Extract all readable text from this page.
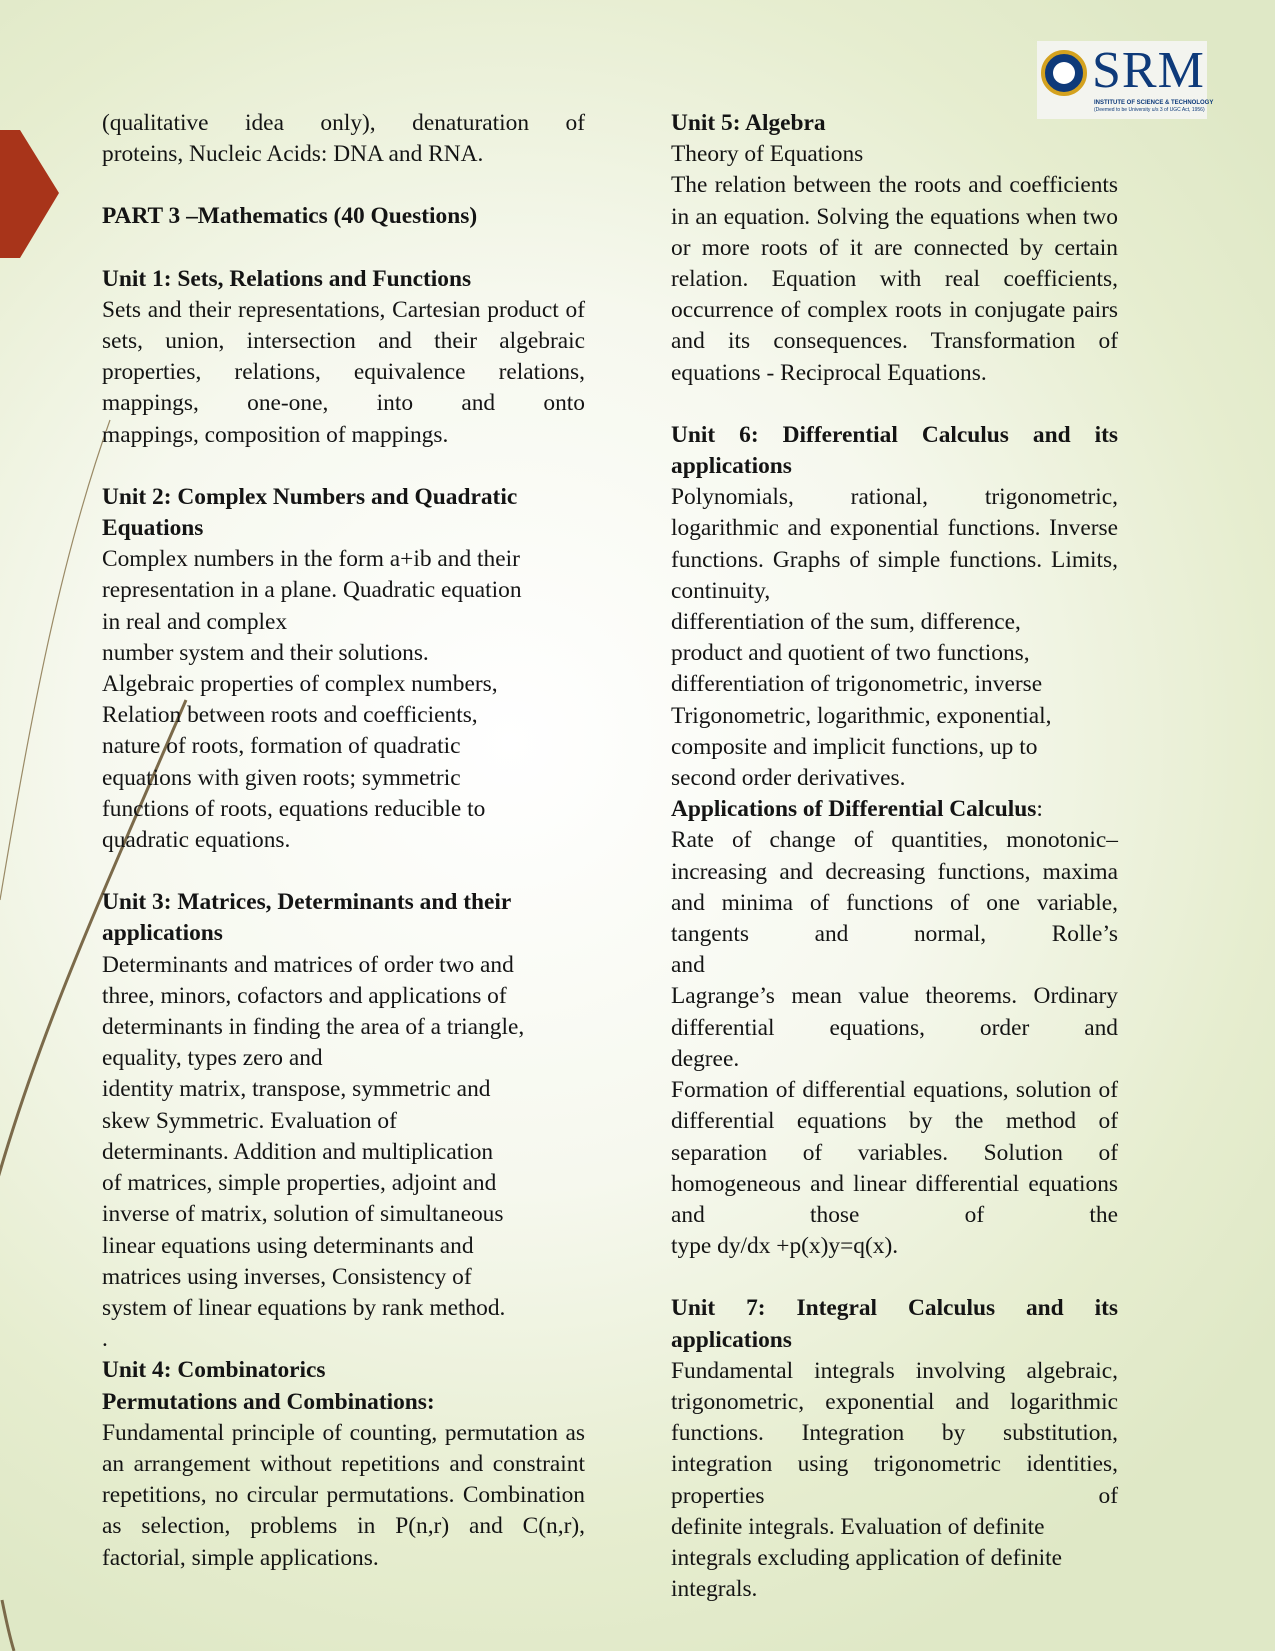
SRM
INSTITUTE OF SCIENCE & TECHNOLOGY
(Deemed to be University u/s 3 of UGC Act, 1956)
(qualitative idea only), denaturation of
proteins, Nucleic Acids: DNA and RNA.
PART 3 –Mathematics (40 Questions)
Unit 1: Sets, Relations and Functions
Sets and their representations, Cartesian product of sets, union, intersection and their algebraic properties, relations, equivalence relations, mappings, one-one, into and onto
mappings, composition of mappings.
Unit 2: Complex Numbers and Quadratic Equations
Complex numbers in the form a+ib and their
representation in a plane. Quadratic equation
in real and complex
number system and their solutions.
Algebraic properties of complex numbers,
Relation between roots and coefficients,
nature of roots, formation of quadratic
equations with given roots; symmetric
functions of roots, equations reducible to
quadratic equations.
Unit 3: Matrices, Determinants and their applications
Determinants and matrices of order two and
three, minors, cofactors and applications of
determinants in finding the area of a triangle,
equality, types zero and
identity matrix, transpose, symmetric and
skew Symmetric. Evaluation of
determinants. Addition and multiplication
of matrices, simple properties, adjoint and
inverse of matrix, solution of simultaneous
linear equations using determinants and
matrices using inverses, Consistency of
system of linear equations by rank method.
.
Unit 4: Combinatorics
Permutations and Combinations:
Fundamental principle of counting, permutation as an arrangement without repetitions and constraint repetitions, no circular permutations. Combination as selection, problems in P(n,r) and C(n,r),
factorial, simple applications.
Unit 5: Algebra
Theory of Equations
The relation between the roots and coefficients in an equation. Solving the equations when two or more roots of it are connected by certain relation. Equation with real coefficients, occurrence of complex roots in conjugate pairs and its consequences. Transformation of
equations - Reciprocal Equations.
Unit 6: Differential Calculus and its applications
Polynomials, rational, trigonometric, logarithmic and exponential functions. Inverse functions. Graphs of simple functions. Limits, continuity,
differentiation of the sum, difference,
product and quotient of two functions,
differentiation of trigonometric, inverse
Trigonometric, logarithmic, exponential,
composite and implicit functions, up to
second order derivatives.
Applications of Differential Calculus:
Rate of change of quantities, monotonic– increasing and decreasing functions, maxima and minima of functions of one variable, tangents and normal, Rolle’s
and
Lagrange’s mean value theorems. Ordinary differential equations, order and
degree.
Formation of differential equations, solution of differential equations by the method of separation of variables. Solution of homogeneous and linear differential equations and those of the
type dy/dx +p(x)y=q(x).
Unit 7: Integral Calculus and its applications
Fundamental integrals involving algebraic, trigonometric, exponential and logarithmic functions. Integration by substitution, integration using trigonometric identities, properties of
definite integrals. Evaluation of definite
integrals excluding application of definite
integrals.
